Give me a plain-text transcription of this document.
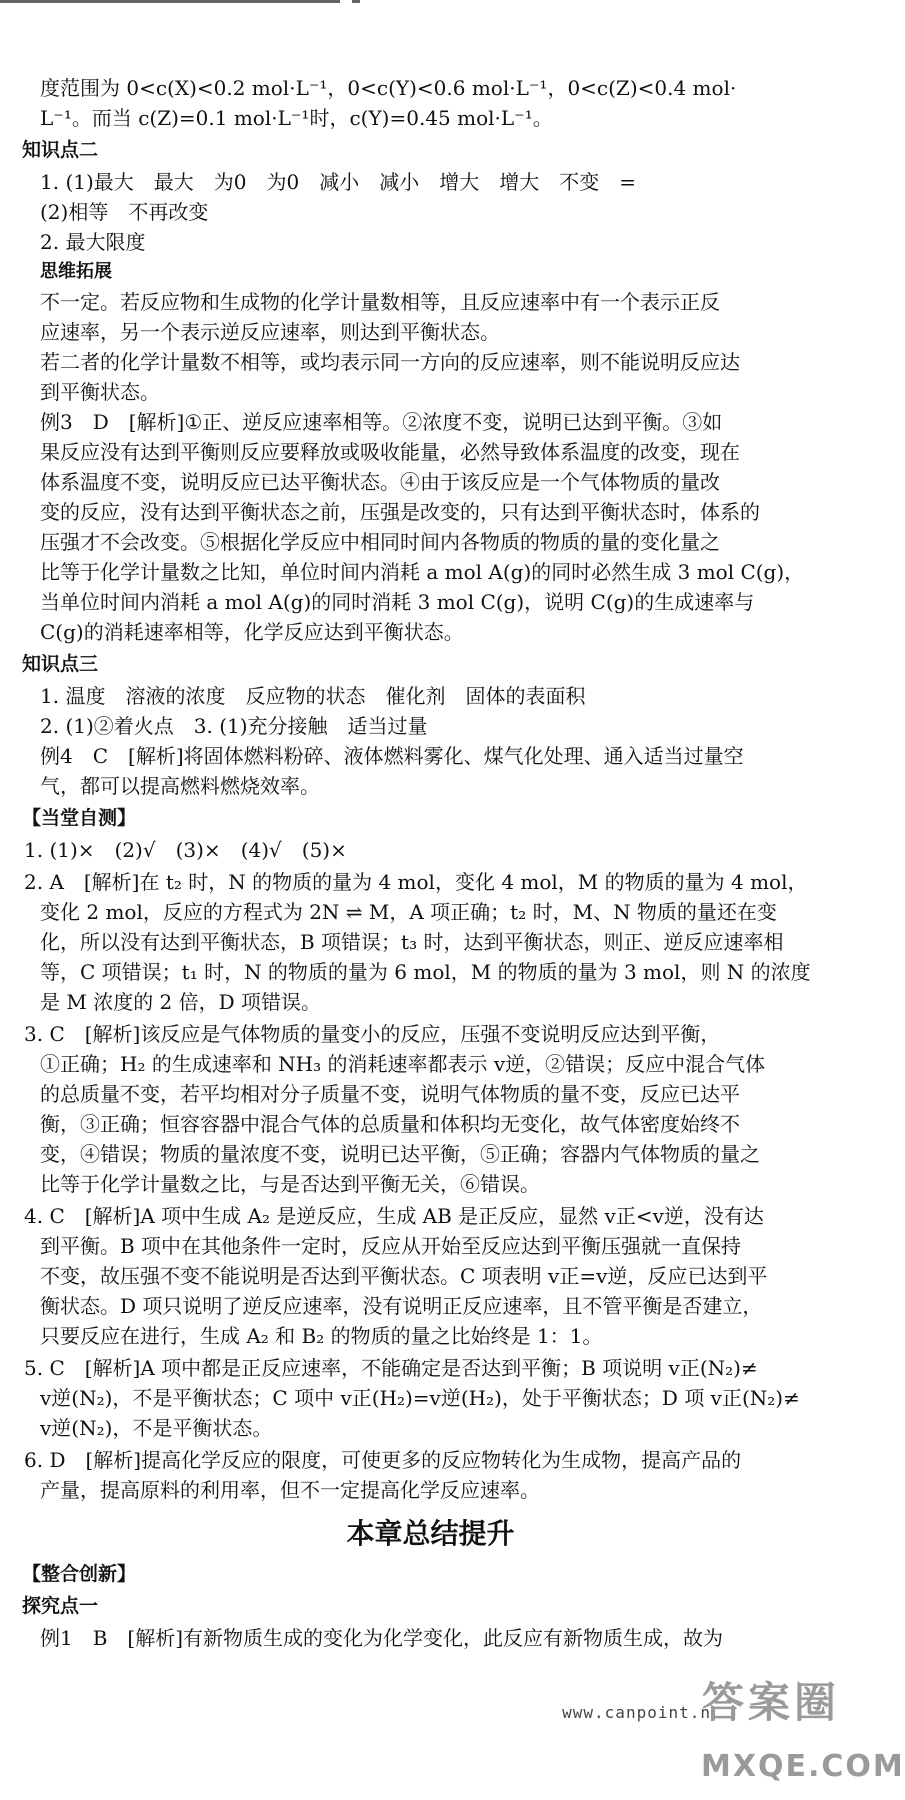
度范围为 0<c(X)<0.2 mol·L⁻¹，0<c(Y)<0.6 mol·L⁻¹，0<c(Z)<0.4 mol·
L⁻¹。而当 c(Z)=0.1 mol·L⁻¹时，c(Y)=0.45 mol·L⁻¹。
知识点二
1. (1)最大　最大　为0　为0　减小　减小　增大　增大　不变　=
(2)相等　不再改变
2. 最大限度
思维拓展
不一定。若反应物和生成物的化学计量数相等，且反应速率中有一个表示正反
应速率，另一个表示逆反应速率，则达到平衡状态。
若二者的化学计量数不相等，或均表示同一方向的反应速率，则不能说明反应达
到平衡状态。
例3　D　[解析]①正、逆反应速率相等。②浓度不变，说明已达到平衡。③如
果反应没有达到平衡则反应要释放或吸收能量，必然导致体系温度的改变，现在
体系温度不变，说明反应已达平衡状态。④由于该反应是一个气体物质的量改
变的反应，没有达到平衡状态之前，压强是改变的，只有达到平衡状态时，体系的
压强才不会改变。⑤根据化学反应中相同时间内各物质的物质的量的变化量之
比等于化学计量数之比知，单位时间内消耗 a mol A(g)的同时必然生成 3 mol C(g)，
当单位时间内消耗 a mol A(g)的同时消耗 3 mol C(g)，说明 C(g)的生成速率与
C(g)的消耗速率相等，化学反应达到平衡状态。
知识点三
1. 温度　溶液的浓度　反应物的状态　催化剂　固体的表面积
2. (1)②着火点　3. (1)充分接触　适当过量
例4　C　[解析]将固体燃料粉碎、液体燃料雾化、煤气化处理、通入适当过量空
气，都可以提高燃料燃烧效率。
【当堂自测】
1. (1)×　(2)√　(3)×　(4)√　(5)×
2. A　[解析]在 t₂ 时，N 的物质的量为 4 mol，变化 4 mol，M 的物质的量为 4 mol，
变化 2 mol，反应的方程式为 2N ⇌ M，A 项正确；t₂ 时，M、N 物质的量还在变
化，所以没有达到平衡状态，B 项错误；t₃ 时，达到平衡状态，则正、逆反应速率相
等，C 项错误；t₁ 时，N 的物质的量为 6 mol，M 的物质的量为 3 mol，则 N 的浓度
是 M 浓度的 2 倍，D 项错误。
3. C　[解析]该反应是气体物质的量变小的反应，压强不变说明反应达到平衡，
①正确；H₂ 的生成速率和 NH₃ 的消耗速率都表示 v逆，②错误；反应中混合气体
的总质量不变，若平均相对分子质量不变，说明气体物质的量不变，反应已达平
衡，③正确；恒容容器中混合气体的总质量和体积均无变化，故气体密度始终不
变，④错误；物质的量浓度不变，说明已达平衡，⑤正确；容器内气体物质的量之
比等于化学计量数之比，与是否达到平衡无关，⑥错误。
4. C　[解析]A 项中生成 A₂ 是逆反应，生成 AB 是正反应，显然 v正<v逆，没有达
到平衡。B 项中在其他条件一定时，反应从开始至反应达到平衡压强就一直保持
不变，故压强不变不能说明是否达到平衡状态。C 项表明 v正=v逆，反应已达到平
衡状态。D 项只说明了逆反应速率，没有说明正反应速率，且不管平衡是否建立，
只要反应在进行，生成 A₂ 和 B₂ 的物质的量之比始终是 1：1。
5. C　[解析]A 项中都是正反应速率，不能确定是否达到平衡；B 项说明 v正(N₂)≠
v逆(N₂)，不是平衡状态；C 项中 v正(H₂)=v逆(H₂)，处于平衡状态；D 项 v正(N₂)≠
v逆(N₂)，不是平衡状态。
6. D　[解析]提高化学反应的限度，可使更多的反应物转化为生成物，提高产品的
产量，提高原料的利用率，但不一定提高化学反应速率。
本章总结提升
【整合创新】
探究点一
例1　B　[解析]有新物质生成的变化为化学变化，此反应有新物质生成，故为
www.canpoint.n
答案圈
MXQE.COM
